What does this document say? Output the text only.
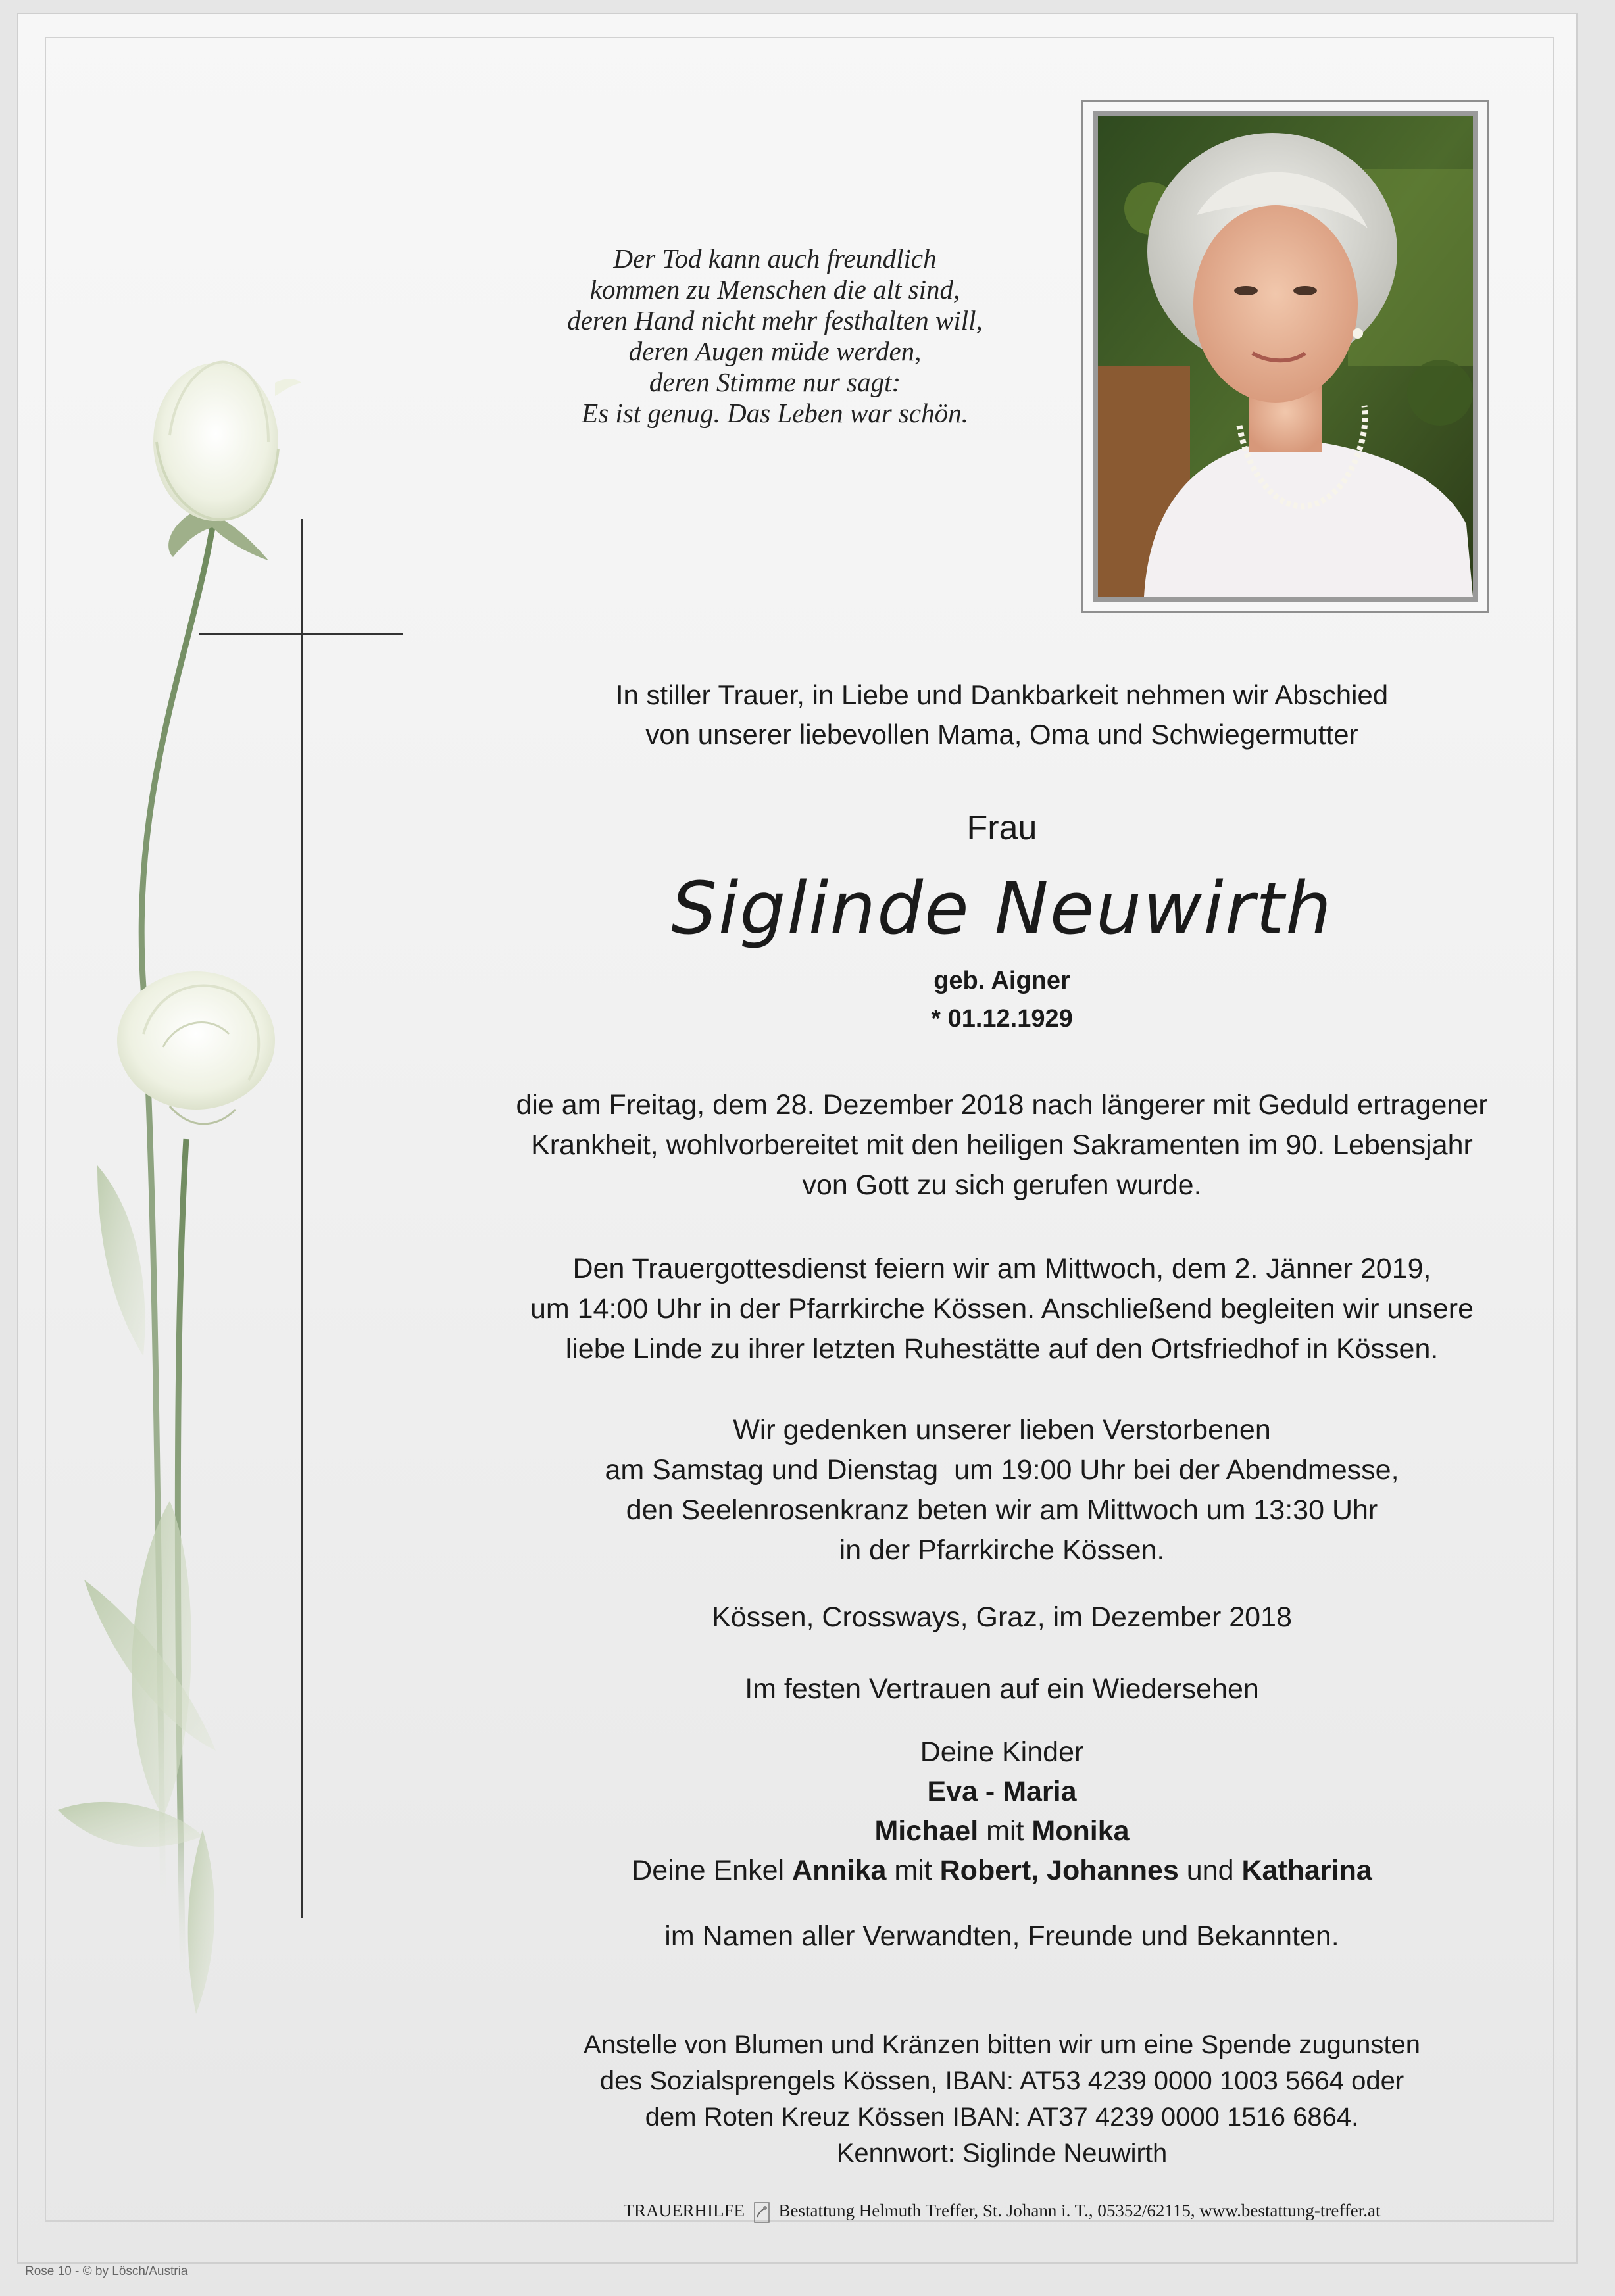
Der Tod kann auch freundlich
kommen zu Menschen die alt sind,
deren Hand nicht mehr festhalten will,
deren Augen müde werden,
deren Stimme nur sagt:
Es ist genug. Das Leben war schön.
In stiller Trauer, in Liebe und Dankbarkeit nehmen wir Abschied
von unserer liebevollen Mama, Oma und Schwiegermutter
Frau
Siglinde Neuwirth
geb. Aigner
* 01.12.1929
die am Freitag, dem 28. Dezember 2018 nach längerer mit Geduld ertragener
Krankheit, wohlvorbereitet mit den heiligen Sakramenten im 90. Lebensjahr
von Gott zu sich gerufen wurde.
Den Trauergottesdienst feiern wir am Mittwoch, dem 2. Jänner 2019,
um 14:00 Uhr in der Pfarrkirche Kössen. Anschließend begleiten wir unsere
liebe Linde zu ihrer letzten Ruhestätte auf den Ortsfriedhof in Kössen.
Wir gedenken unserer lieben Verstorbenen
am Samstag und Dienstag  um 19:00 Uhr bei der Abendmesse,
den Seelenrosenkranz beten wir am Mittwoch um 13:30 Uhr
in der Pfarrkirche Kössen.
Kössen, Crossways, Graz, im Dezember 2018
Im festen Vertrauen auf ein Wiedersehen
Deine Kinder
Eva - Maria
Michael mit Monika
Deine Enkel Annika mit Robert, Johannes und Katharina
im Namen aller Verwandten, Freunde und Bekannten.
Anstelle von Blumen und Kränzen bitten wir um eine Spende zugunsten
des Sozialsprengels Kössen, IBAN: AT53 4239 0000 1003 5664 oder
dem Roten Kreuz Kössen IBAN: AT37 4239 0000 1516 6864.
Kennwort: Siglinde Neuwirth
TRAUERHILFE Bestattung Helmuth Treffer, St. Johann i. T., 05352/62115, www.bestattung-treffer.at
Rose 10 - © by Lösch/Austria
